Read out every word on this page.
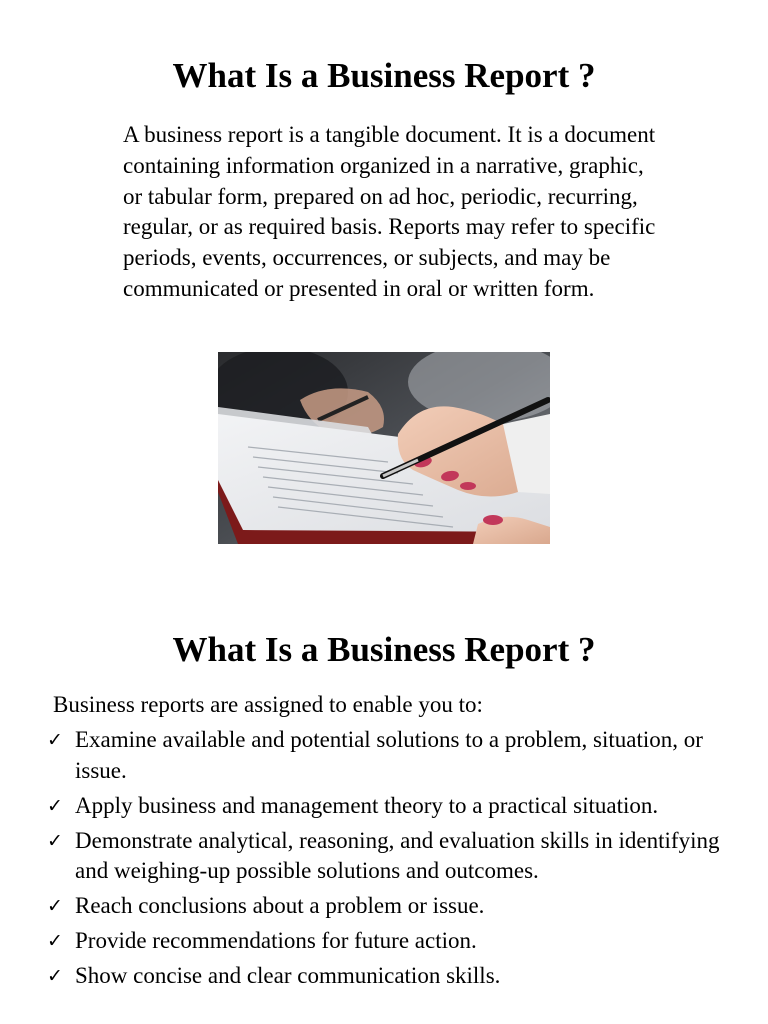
What Is a Business Report ?

A business report is a tangible document. It is a document containing information organized in a narrative, graphic, or tabular form, prepared on ad hoc, periodic, recurring, regular, or as required basis. Reports may refer to specific periods, events, occurrences, or subjects, and may be communicated or presented in oral or written form.

What Is a Business Report ?

Business reports are assigned to enable you to:

✓ Examine available and potential solutions to a problem, situation, or issue.
✓ Apply business and management theory to a practical situation.
✓ Demonstrate analytical, reasoning, and evaluation skills in identifying and weighing-up possible solutions and outcomes.
✓ Reach conclusions about a problem or issue.
✓ Provide recommendations for future action.
✓ Show concise and clear communication skills.
